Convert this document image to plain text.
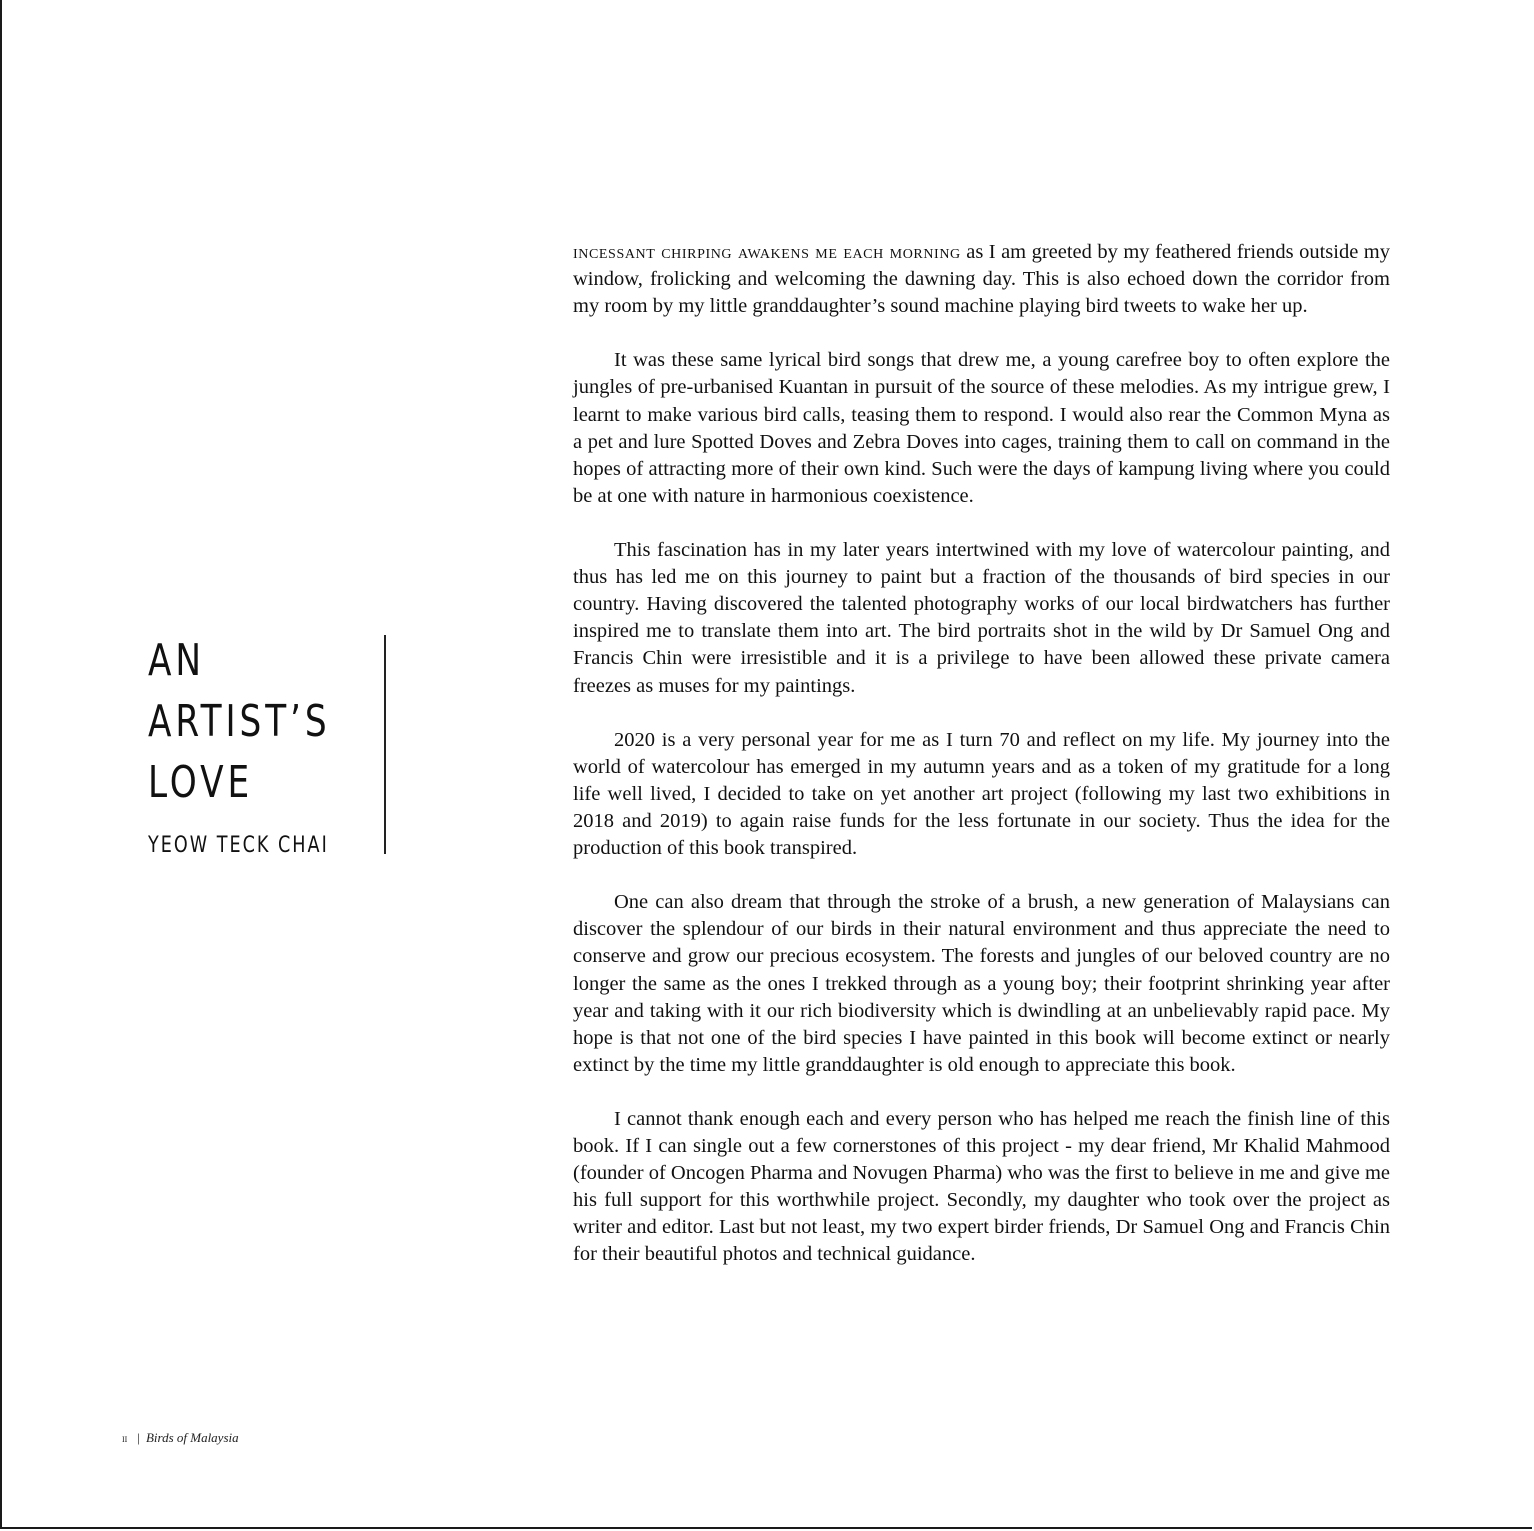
AN
ARTIST’S
LOVE
YEOW TECK CHAI

incessant chirping awakens me each morning as I am greeted by my feathered friends outside my window, frolicking and welcoming the dawning day. This is also echoed down the corridor from my room by my little granddaughter’s sound machine playing bird tweets to wake her up.

It was these same lyrical bird songs that drew me, a young carefree boy to often explore the jungles of pre-urbanised Kuantan in pursuit of the source of these melodies. As my intrigue grew, I learnt to make various bird calls, teasing them to respond. I would also rear the Common Myna as a pet and lure Spotted Doves and Zebra Doves into cages, training them to call on command in the hopes of attracting more of their own kind. Such were the days of kampung living where you could be at one with nature in harmonious coexistence.

This fascination has in my later years intertwined with my love of watercolour painting, and thus has led me on this journey to paint but a fraction of the thousands of bird species in our country. Having discovered the talented photography works of our local birdwatchers has further inspired me to translate them into art. The bird portraits shot in the wild by Dr Samuel Ong and Francis Chin were irresistible and it is a privilege to have been allowed these private camera freezes as muses for my paintings.

2020 is a very personal year for me as I turn 70 and reflect on my life. My journey into the world of watercolour has emerged in my autumn years and as a token of my gratitude for a long life well lived, I decided to take on yet another art project (following my last two exhibitions in 2018 and 2019) to again raise funds for the less fortunate in our society. Thus the idea for the production of this book transpired.

One can also dream that through the stroke of a brush, a new generation of Malaysians can discover the splendour of our birds in their natural environment and thus appreciate the need to conserve and grow our precious ecosystem. The forests and jungles of our beloved country are no longer the same as the ones I trekked through as a young boy; their footprint shrinking year after year and taking with it our rich biodiversity which is dwindling at an unbelievably rapid pace. My hope is that not one of the bird species I have painted in this book will become extinct or nearly extinct by the time my little granddaughter is old enough to appreciate this book.

I cannot thank enough each and every person who has helped me reach the finish line of this book. If I can single out a few cornerstones of this project - my dear friend, Mr Khalid Mahmood (founder of Oncogen Pharma and Novugen Pharma) who was the first to believe in me and give me his full support for this worthwhile project. Secondly, my daughter who took over the project as writer and editor. Last but not least, my two expert birder friends, Dr Samuel Ong and Francis Chin for their beautiful photos and technical guidance.

ii | Birds of Malaysia
